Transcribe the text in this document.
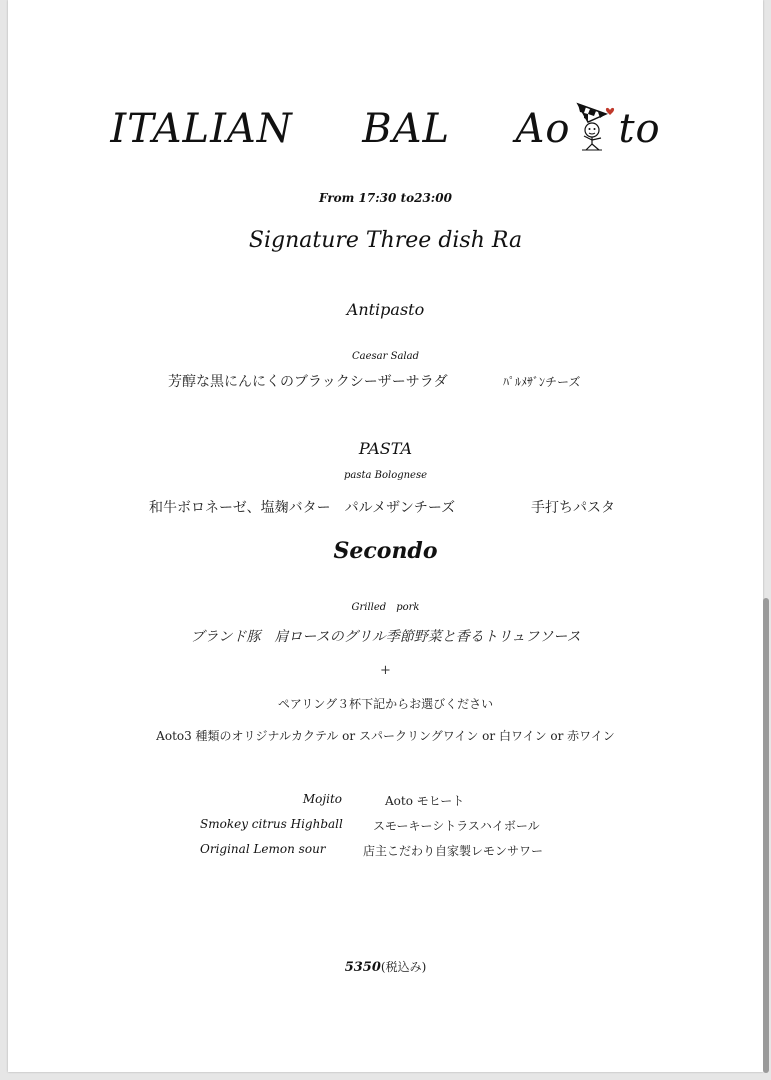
ITALIAN BAL Ao to
From 17:30 to23:00
Signature Three dish Ra
Antipasto
Caesar Salad
芳醇な黒にんにくのブラックシーザーサラダ	ﾊﾟﾙﾒｻﾞﾝチーズ
PASTA
pasta Bolognese
和牛ボロネーゼ、塩麹バター　パルメザンチーズ	手打ちパスタ
Secondo
Grilled　pork
ブランド豚　肩ロースのグリル季節野菜と香るトリュフソース
+
ペアリング３杯下記からお選びください
Aoto3 種類のオリジナルカクテル or スパークリングワイン or 白ワイン or 赤ワイン
Mojito	Aoto モヒート
Smokey citrus Highball	スモーキーシトラスハイボール
Original Lemon sour	店主こだわり自家製レモンサワー
5350(税込み)
